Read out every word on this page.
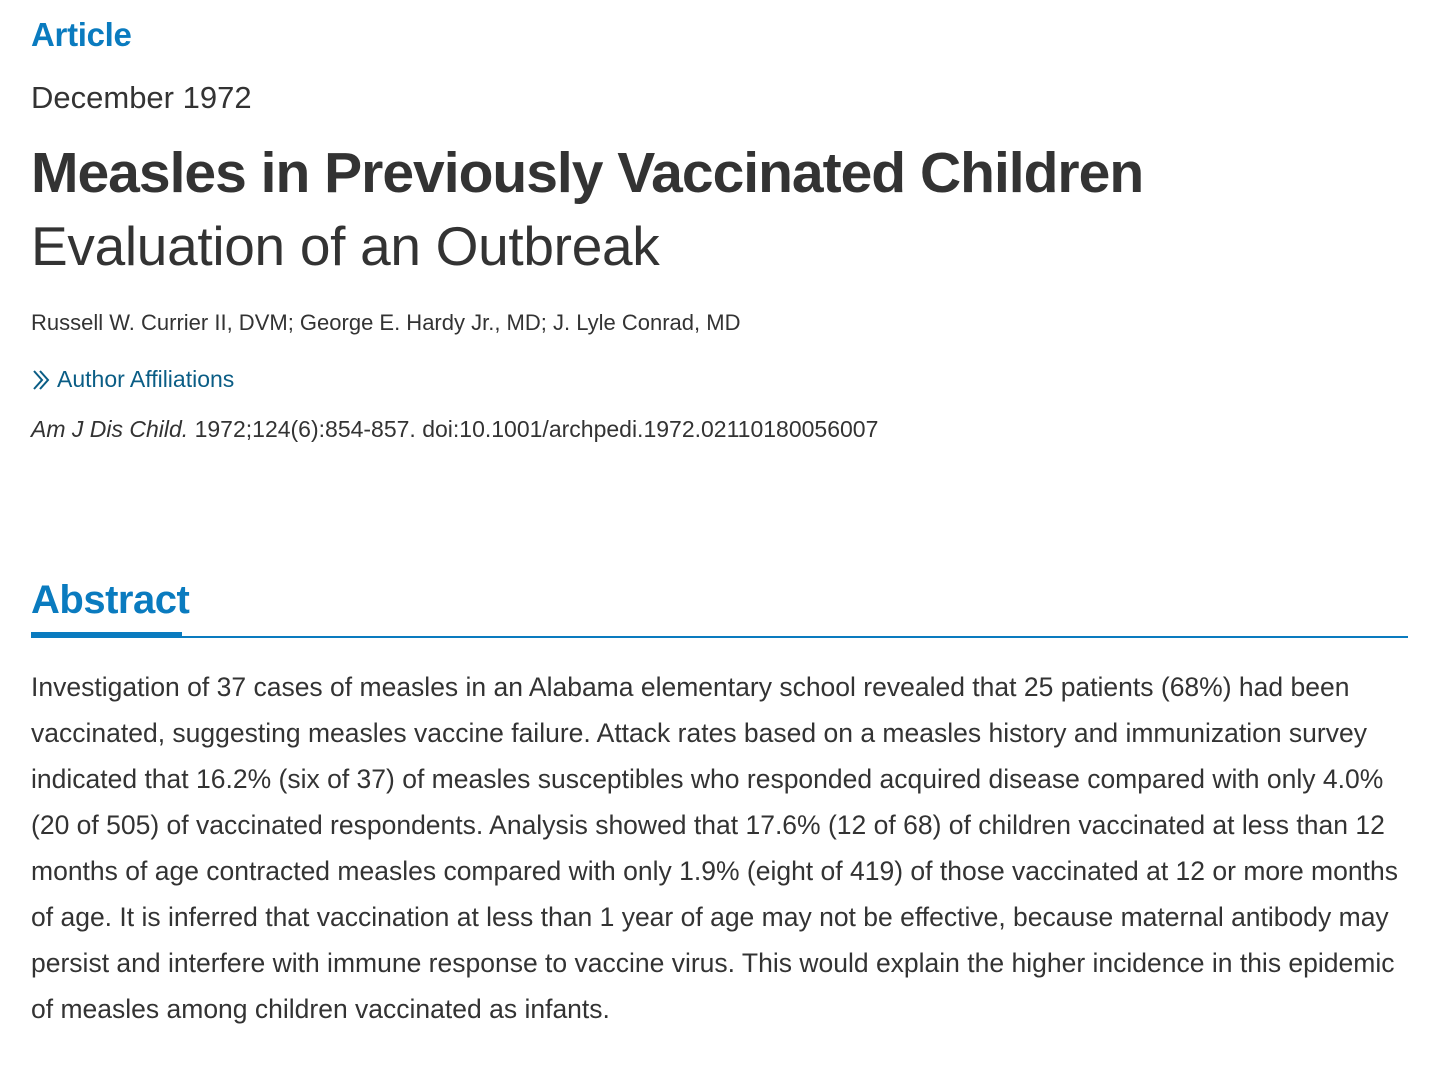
Article
December 1972
Measles in Previously Vaccinated Children
Evaluation of an Outbreak
Russell W. Currier II, DVM; George E. Hardy Jr., MD; J. Lyle Conrad, MD
Author Affiliations
Am J Dis Child. 1972;124(6):854-857. doi:10.1001/archpedi.1972.02110180056007
Abstract

Investigation of 37 cases of measles in an Alabama elementary school revealed that 25 patients (68%) had been vaccinated, suggesting measles vaccine failure. Attack rates based on a measles history and immunization survey indicated that 16.2% (six of 37) of measles susceptibles who responded acquired disease compared with only 4.0% (20 of 505) of vaccinated respondents. Analysis showed that 17.6% (12 of 68) of children vaccinated at less than 12 months of age contracted measles compared with only 1.9% (eight of 419) of those vaccinated at 12 or more months of age. It is inferred that vaccination at less than 1 year of age may not be effective, because maternal antibody may persist and interfere with immune response to vaccine virus. This would explain the higher incidence in this epidemic of measles among children vaccinated as infants.
